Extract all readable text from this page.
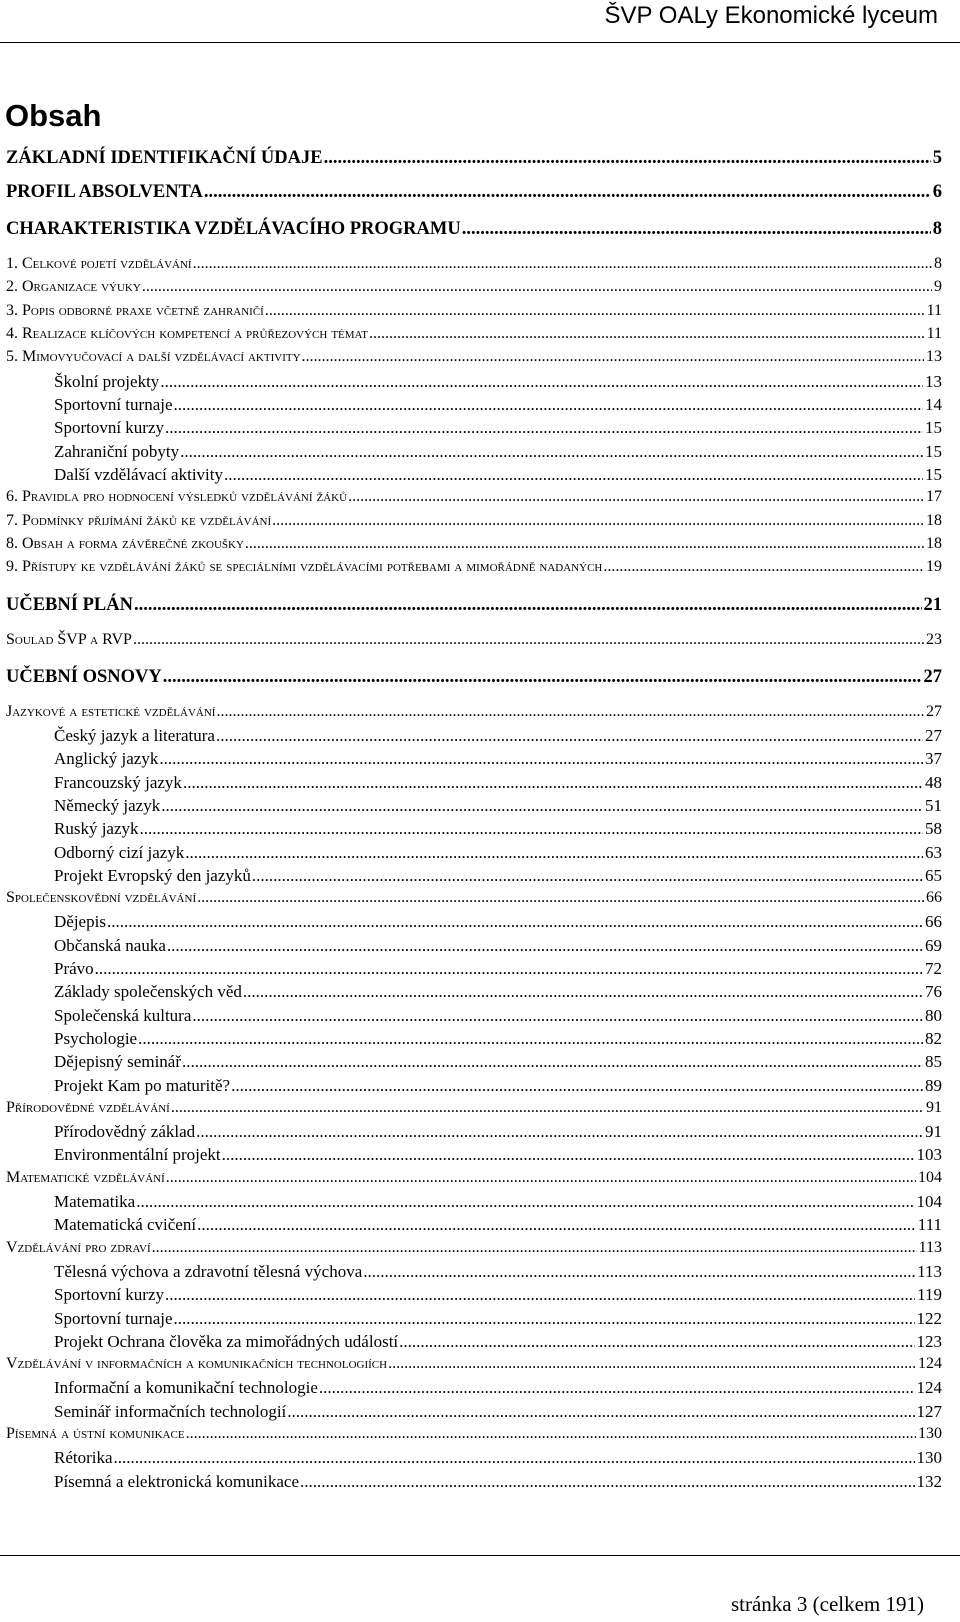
ŠVP OALy Ekonomické lyceum
Obsah
ZÁKLADNÍ IDENTIFIKAČNÍ ÚDAJE .....	5
PROFIL ABSOLVENTA .....	6
CHARAKTERISTIKA VZDĚLÁVACÍHO PROGRAMU .....	8
1. Celkové pojetí vzdělávání .....	8
2. Organizace výuky .....	9
3. Popis odborné praxe včetně zahraničí .....	11
4. Realizace klíčových kompetencí a průřezových témat .....	11
5. Mimovyučovací a další vzdělávací aktivity .....	13
Školní projekty .....	13
Sportovní turnaje .....	14
Sportovní kurzy .....	15
Zahraniční pobyty .....	15
Další vzdělávací aktivity .....	15
6. Pravidla pro hodnocení výsledků vzdělávání žáků .....	17
7. Podmínky přijímání žáků ke vzdělávání .....	18
8. Obsah a forma závěrečné zkoušky .....	18
9. Přístupy ke vzdělávání žáků se speciálními vzdělávacími potřebami a mimořádně nadaných .....	19
UČEBNÍ PLÁN .....	21
Soulad ŠVP a RVP .....	23
UČEBNÍ OSNOVY .....	27
Jazykové a estetické vzdělávání .....	27
Český jazyk a literatura .....	27
Anglický jazyk .....	37
Francouzský jazyk .....	48
Německý jazyk .....	51
Ruský jazyk .....	58
Odborný cizí jazyk .....	63
Projekt Evropský den jazyků .....	65
Společenskovědní vzdělávání .....	66
Dějepis .....	66
Občanská nauka .....	69
Právo .....	72
Základy společenských věd .....	76
Společenská kultura .....	80
Psychologie .....	82
Dějepisný seminář .....	85
Projekt Kam po maturitě? .....	89
Přírodovědné vzdělávání .....	91
Přírodovědný základ .....	91
Environmentální projekt .....	103
Matematické vzdělávání .....	104
Matematika .....	104
Matematická cvičení .....	111
Vzdělávání pro zdraví .....	113
Tělesná výchova a zdravotní tělesná výchova .....	113
Sportovní kurzy .....	119
Sportovní turnaje .....	122
Projekt Ochrana člověka za mimořádných událostí .....	123
Vzdělávání v informačních a komunikačních technologiích .....	124
Informační a komunikační technologie .....	124
Seminář informačních technologií .....	127
Písemná a ústní komunikace .....	130
Rétorika .....	130
Písemná a elektronická komunikace .....	132
stránka 3 (celkem 191)
